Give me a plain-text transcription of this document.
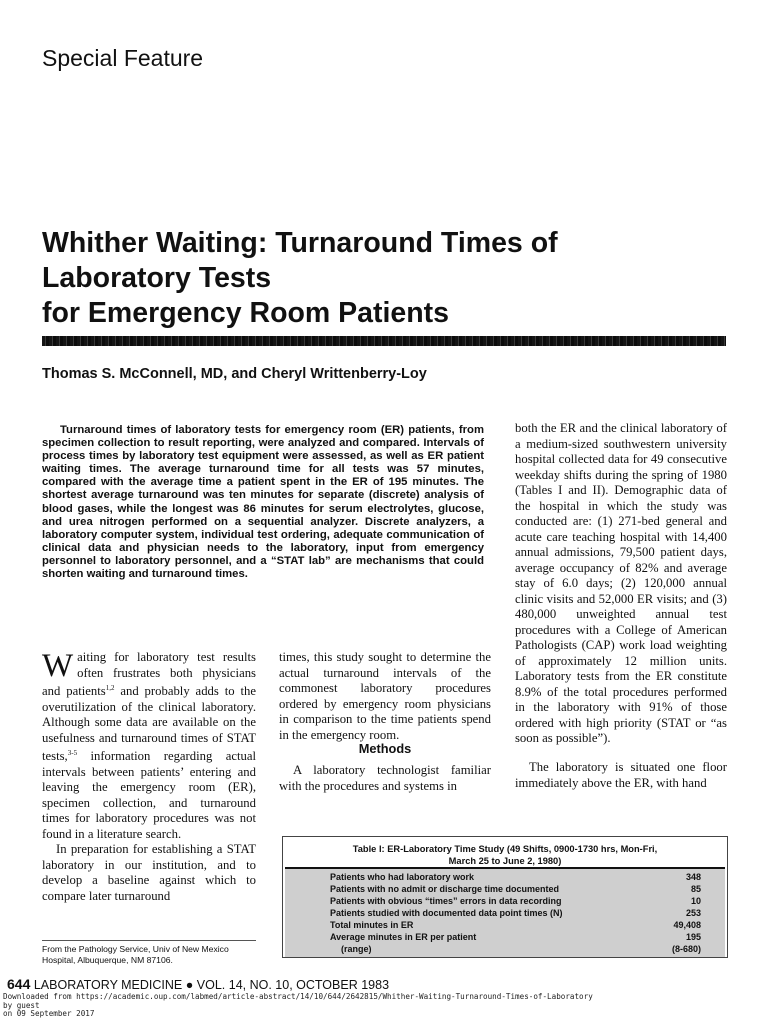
Special Feature
Whither Waiting: Turnaround Times of
Laboratory Tests
for Emergency Room Patients
Thomas S. McConnell, MD, and Cheryl Writtenberry-Loy

Turnaround times of laboratory tests for emergency room (ER) patients, from specimen collection to result reporting, were analyzed and compared. Intervals of process times by laboratory test equipment were assessed, as well as ER patient waiting times. The average turnaround time for all tests was 57 minutes, compared with the average time a patient spent in the ER of 195 minutes. The shortest average turnaround was ten minutes for separate (discrete) analysis of blood gases, while the longest was 86 minutes for serum electrolytes, glucose, and urea nitrogen performed on a sequential analyzer. Discrete analyzers, a laboratory computer system, individual test ordering, adequate communication of clinical data and physician needs to the laboratory, input from emergency personnel to laboratory personnel, and a “STAT lab” are mechanisms that could shorten waiting and turnaround times.

Waiting for laboratory test results often frustrates both physicians and patients$^{1,2}$ and probably adds to the overutilization of the clinical laboratory. Although some data are available on the usefulness and turnaround times of STAT tests,$^{3-5}$ information regarding actual intervals between patients’ entering and leaving the emergency room (ER), specimen collection, and turnaround times for laboratory procedures was not found in a literature search.

In preparation for establishing a STAT laboratory in our institution, and to develop a baseline against which to compare later turnaround

times, this study sought to determine the actual turnaround intervals of the commonest laboratory procedures ordered by emergency room physicians in comparison to the time patients spend in the emergency room.

Methods

A laboratory technologist familiar with the procedures and systems in

both the ER and the clinical laboratory of a medium-sized southwestern university hospital collected data for 49 consecutive weekday shifts during the spring of 1980 (Tables I and II). Demographic data of the hospital in which the study was conducted are: (1) 271-bed general and acute care teaching hospital with 14,400 annual admissions, 79,500 patient days, average occupancy of 82% and average stay of 6.0 days; (2) 120,000 annual clinic visits and 52,000 ER visits; and (3) 480,000 unweighted annual test procedures with a College of American Pathologists (CAP) work load weighting of approximately 12 million units. Laboratory tests from the ER constitute 8.9% of the total procedures performed in the laboratory with 91% of those ordered with high priority (STAT or “as soon as possible”).

The laboratory is situated one floor immediately above the ER, with hand

Table I: ER-Laboratory Time Study (49 Shifts, 0900-1730 hrs, Mon-Fri,
March 25 to June 2, 1980)
Patients who had laboratory work	348
Patients with no admit or discharge time documented	85
Patients with obvious “times” errors in data recording	10
Patients studied with documented data point times (N)	253
Total minutes in ER	49,408
Average minutes in ER per patient	195
(range)	(8-680)
From the Pathology Service, Univ of New Mexico Hospital, Albuquerque, NM 87106.
644 LABORATORY MEDICINE ● VOL. 14, NO. 10, OCTOBER 1983
Downloaded from https://academic.oup.com/labmed/article-abstract/14/10/644/2642815/Whither-Waiting-Turnaround-Times-of-Laboratory
by guest
on 09 September 2017
